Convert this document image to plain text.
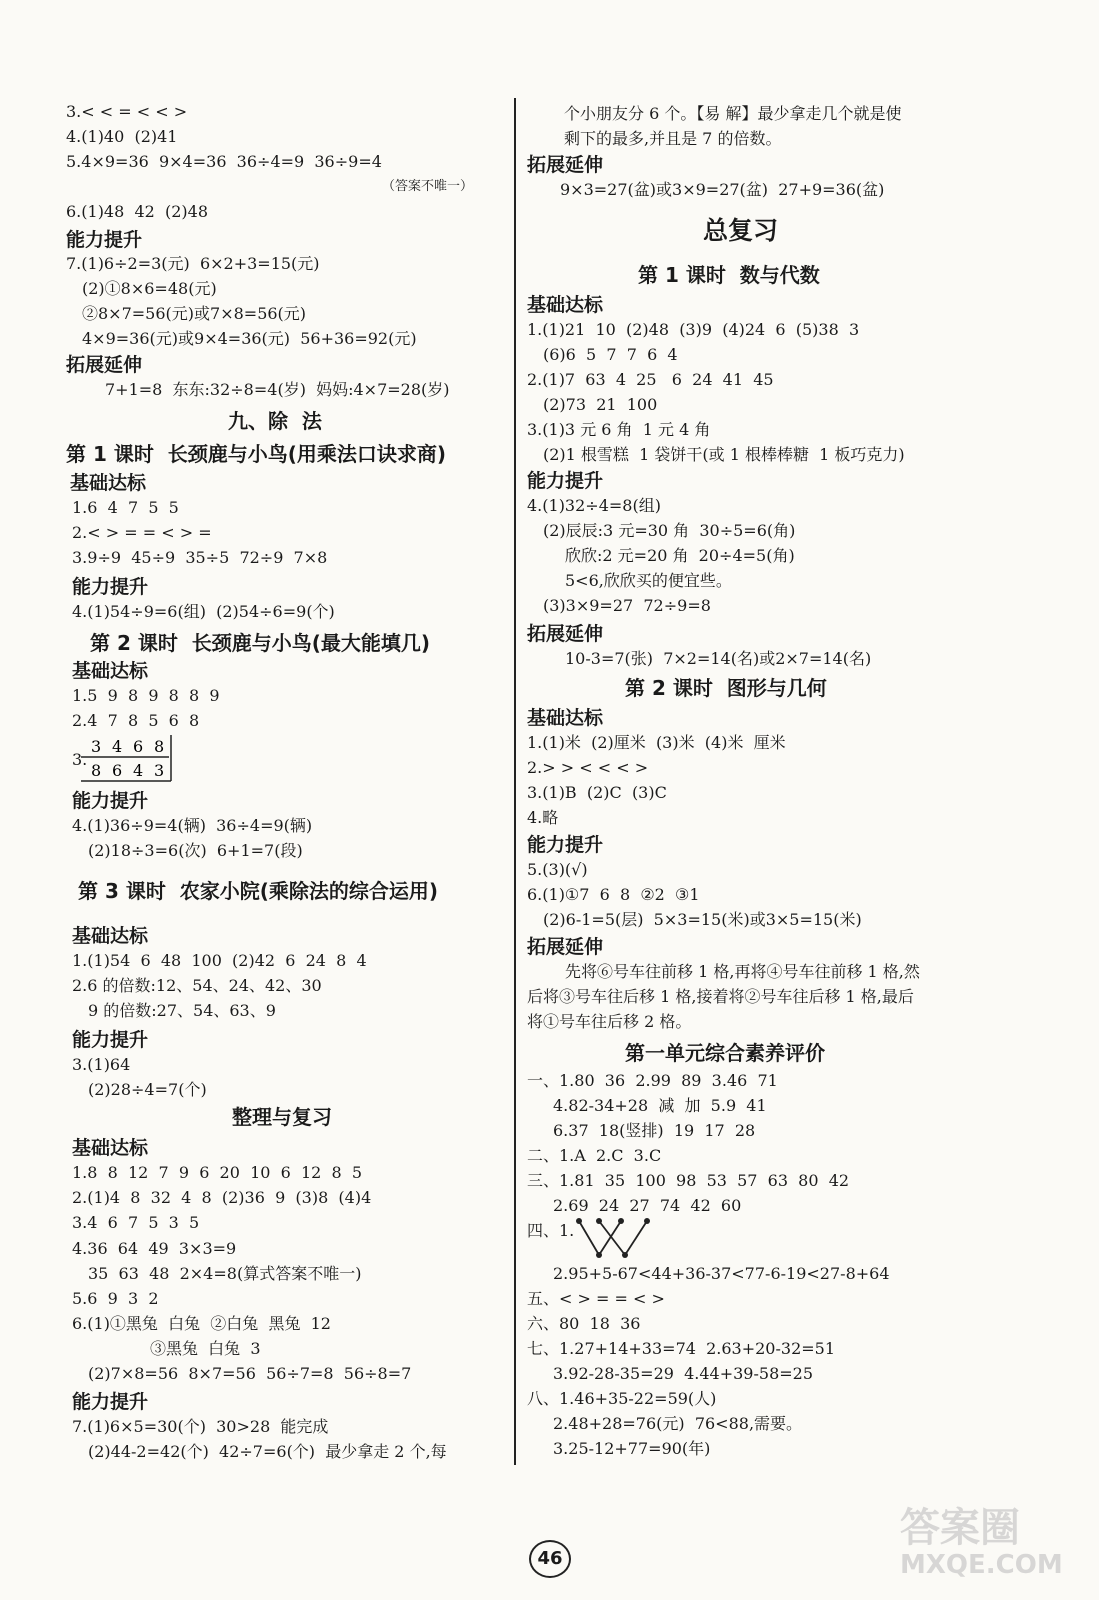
3.< < = < < >
4.(1)40  (2)41
5.4×9=36  9×4=36  36÷4=9  36÷9=4
（答案不唯一）
6.(1)48  42  (2)48
能力提升
7.(1)6÷2=3(元)  6×2+3=15(元)
(2)①8×6=48(元)
②8×7=56(元)或7×8=56(元)
4×9=36(元)或9×4=36(元)  56+36=92(元)
拓展延伸
7+1=8  东东:32÷8=4(岁)  妈妈:4×7=28(岁)
九、除  法
第 1 课时  长颈鹿与小鸟(用乘法口诀求商)
基础达标
1.6  4  7  5  5
2.< > = = < > =
3.9÷9  45÷9  35÷5  72÷9  7×8
能力提升
4.(1)54÷9=6(组)  (2)54÷6=9(个)
第 2 课时  长颈鹿与小鸟(最大能填几)
基础达标
1.5  9  8  9  8  8  9
2.4  7  8  5  6  8
3.
3 4 6 8
8 6 4 3
能力提升
4.(1)36÷9=4(辆)  36÷4=9(辆)
(2)18÷3=6(次)  6+1=7(段)
第 3 课时  农家小院(乘除法的综合运用)
基础达标
1.(1)54  6  48  100  (2)42  6  24  8  4
2.6 的倍数:12、54、24、42、30
9 的倍数:27、54、63、9
能力提升
3.(1)64
(2)28÷4=7(个)
整理与复习
基础达标
1.8  8  12  7  9  6  20  10  6  12  8  5
2.(1)4  8  32  4  8  (2)36  9  (3)8  (4)4
3.4  6  7  5  3  5
4.36  64  49  3×3=9
35  63  48  2×4=8(算式答案不唯一)
5.6  9  3  2
6.(1)①黑兔  白兔  ②白兔  黑兔  12
③黑兔  白兔  3
(2)7×8=56  8×7=56  56÷7=8  56÷8=7
能力提升
7.(1)6×5=30(个)  30>28  能完成
(2)44-2=42(个)  42÷7=6(个)  最少拿走 2 个,每
个小朋友分 6 个。【易 解】最少拿走几个就是使
剩下的最多,并且是 7 的倍数。
拓展延伸
9×3=27(盆)或3×9=27(盆)  27+9=36(盆)
总复习
第 1 课时  数与代数
基础达标
1.(1)21  10  (2)48  (3)9  (4)24  6  (5)38  3
(6)6  5  7  7  6  4
2.(1)7  63  4  25   6  24  41  45
(2)73  21  100
3.(1)3 元 6 角  1 元 4 角
(2)1 根雪糕  1 袋饼干(或 1 根棒棒糖  1 板巧克力)
能力提升
4.(1)32÷4=8(组)
(2)辰辰:3 元=30 角  30÷5=6(角)
欣欣:2 元=20 角  20÷4=5(角)
5<6,欣欣买的便宜些。
(3)3×9=27  72÷9=8
拓展延伸
10-3=7(张)  7×2=14(名)或2×7=14(名)
第 2 课时  图形与几何
基础达标
1.(1)米  (2)厘米  (3)米  (4)米  厘米
2.> > < < < >
3.(1)B  (2)C  (3)C
4.略
能力提升
5.(3)(√)
6.(1)①7  6  8  ②2  ③1
(2)6-1=5(层)  5×3=15(米)或3×5=15(米)
拓展延伸
先将⑥号车往前移 1 格,再将④号车往前移 1 格,然
后将③号车往后移 1 格,接着将②号车往后移 1 格,最后
将①号车往后移 2 格。
第一单元综合素养评价
一、1.80  36  2.99  89  3.46  71
4.82-34+28  减  加  5.9  41
6.37  18(竖排)  19  17  28
二、1.A  2.C  3.C
三、1.81  35  100  98  53  57  63  80  42
2.69  24  27  74  42  60
四、1.
2.95+5-67<44+36-37<77-6-19<27-8+64
五、< > = = < >
六、80  18  36
七、1.27+14+33=74  2.63+20-32=51
3.92-28-35=29  4.44+39-58=25
八、1.46+35-22=59(人)
2.48+28=76(元)  76<88,需要。
3.25-12+77=90(年)
46
答案圈
MXQE.COM
